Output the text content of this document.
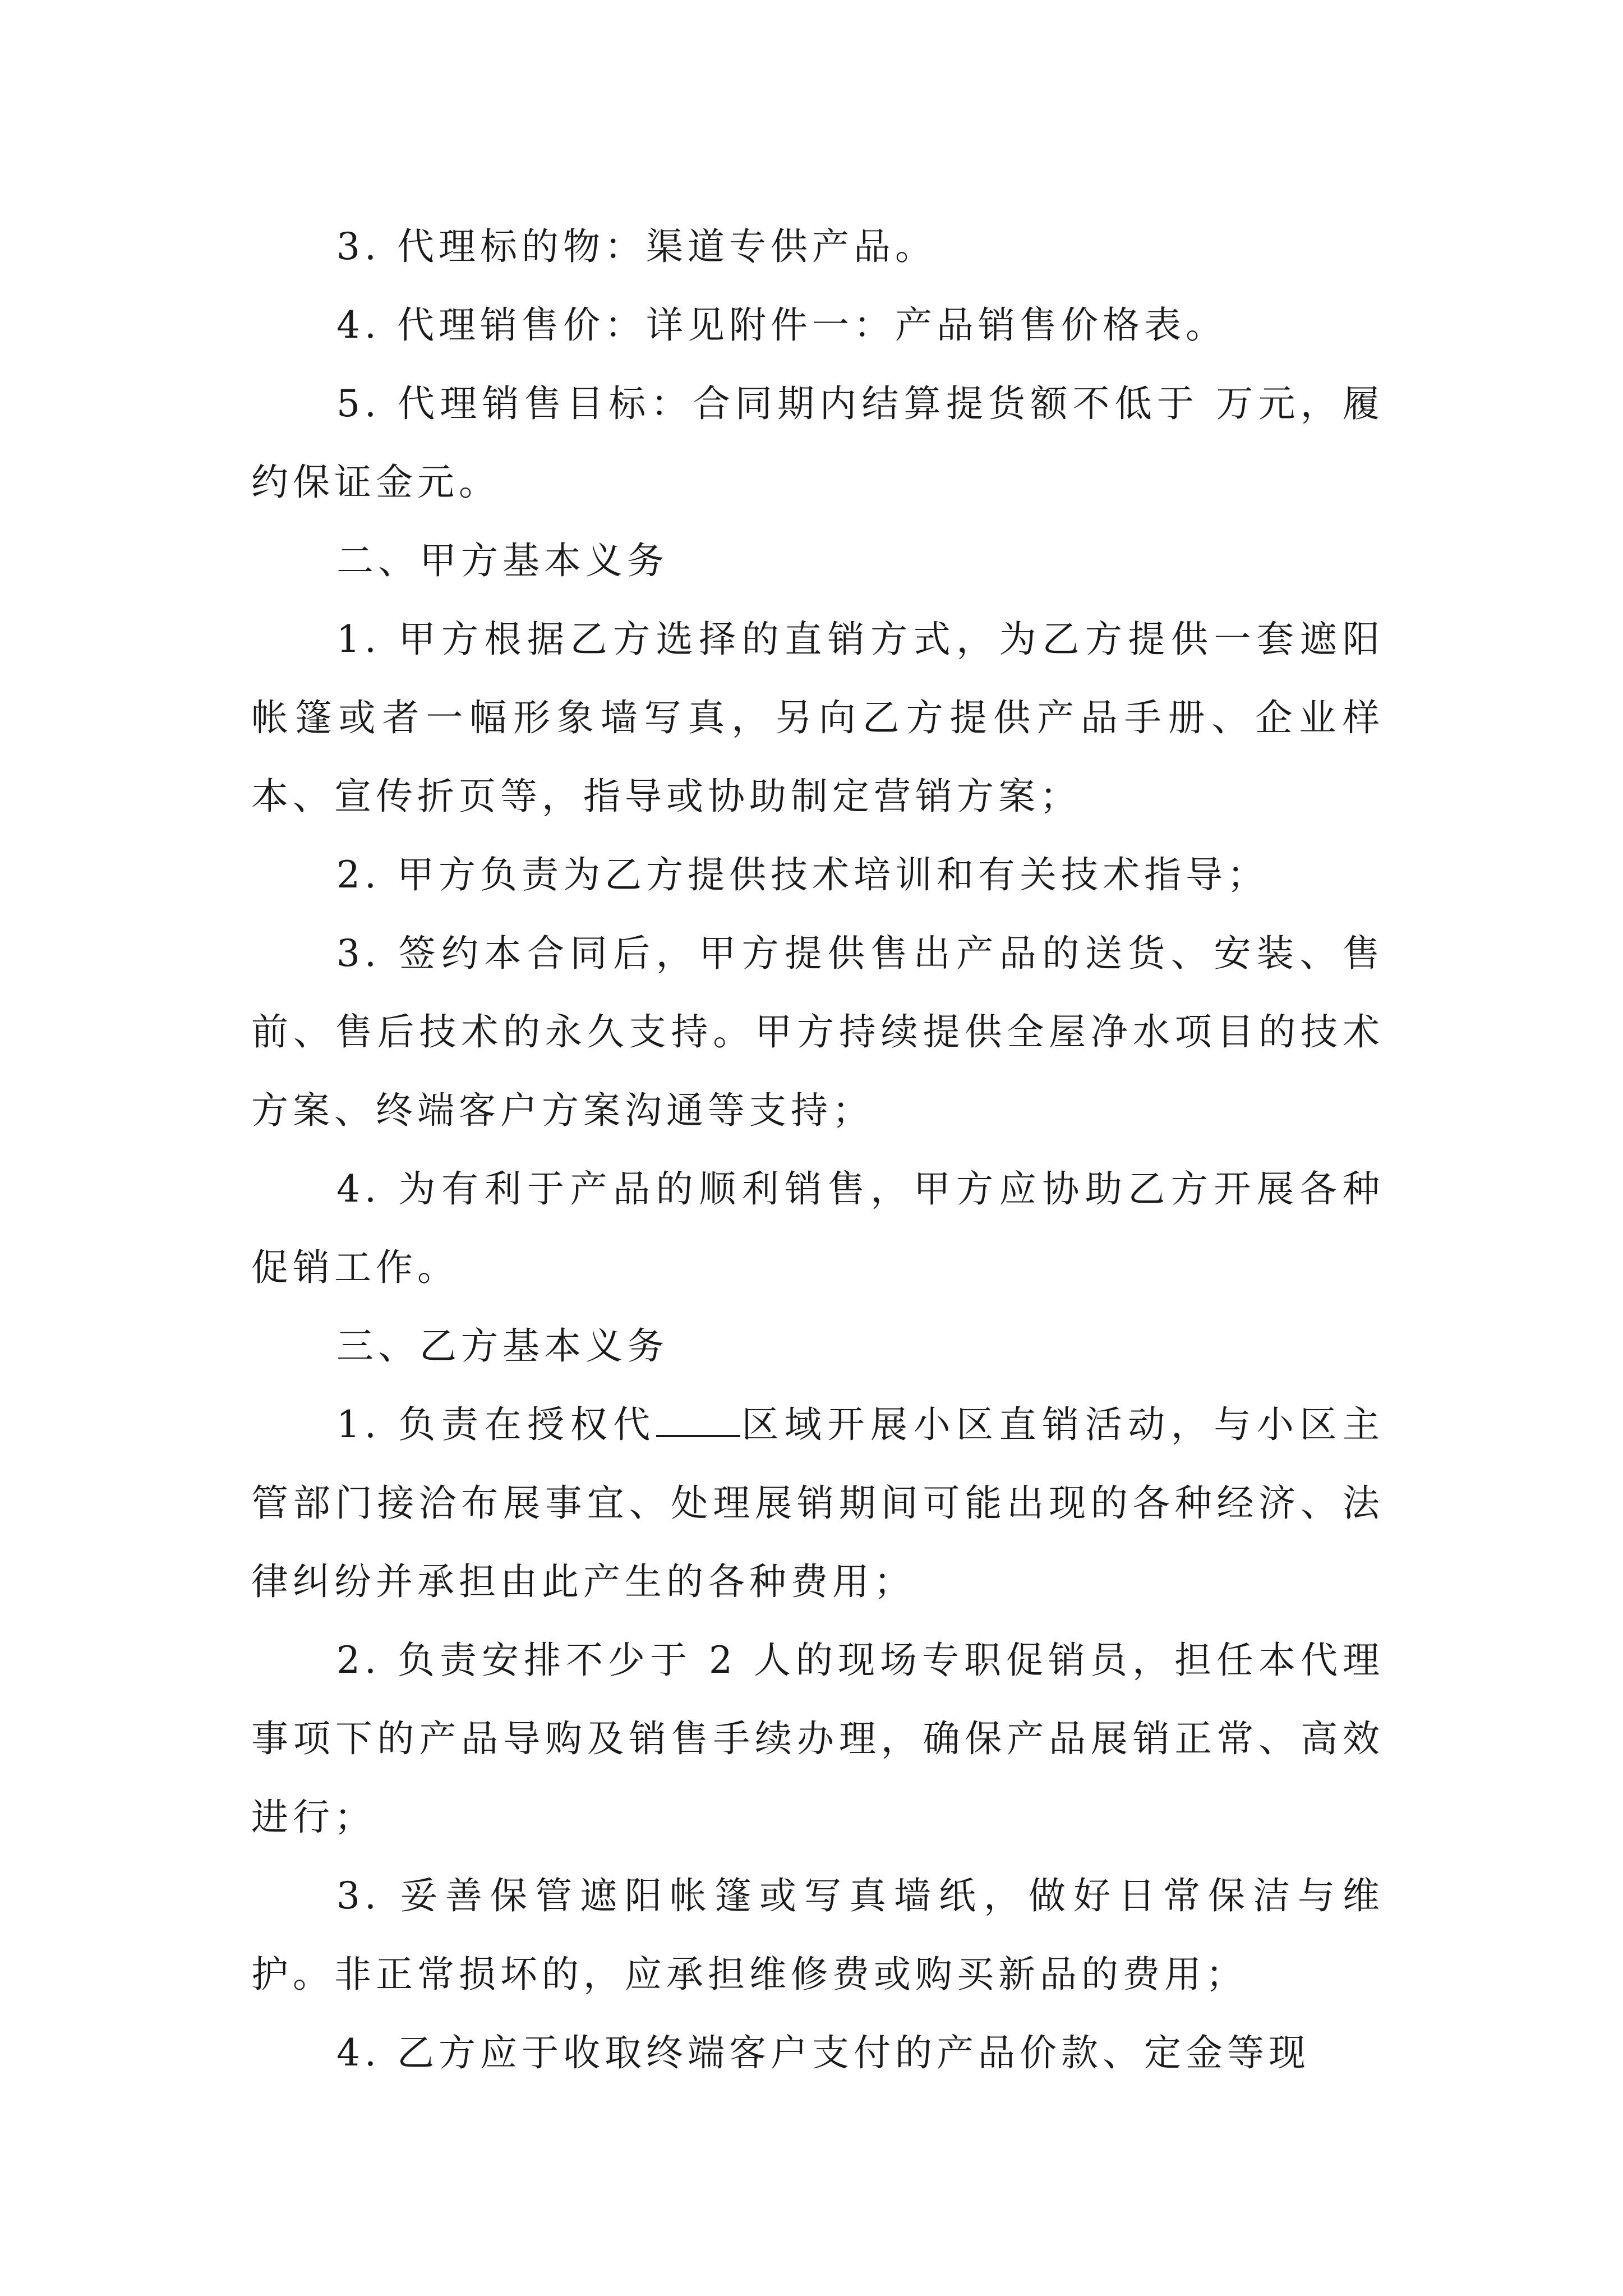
3. 代理标的物：渠道专供产品。

4. 代理销售价：详见附件一：产品销售价格表。

5. 代理销售目标：合同期内结算提货额不低于 万元，履约保证金元。

二、甲方基本义务

1. 甲方根据乙方选择的直销方式，为乙方提供一套遮阳帐篷或者一幅形象墙写真，另向乙方提供产品手册、企业样本、宣传折页等，指导或协助制定营销方案；

2. 甲方负责为乙方提供技术培训和有关技术指导；

3. 签约本合同后，甲方提供售出产品的送货、安装、售前、售后技术的永久支持。甲方持续提供全屋净水项目的技术方案、终端客户方案沟通等支持；

4. 为有利于产品的顺利销售，甲方应协助乙方开展各种促销工作。

三、乙方基本义务

1. 负责在授权代 区域开展小区直销活动，与小区主管部门接洽布展事宜、处理展销期间可能出现的各种经济、法律纠纷并承担由此产生的各种费用；

2. 负责安排不少于 2 人的现场专职促销员，担任本代理事项下的产品导购及销售手续办理，确保产品展销正常、高效进行；

3. 妥善保管遮阳帐篷或写真墙纸，做好日常保洁与维护。非正常损坏的，应承担维修费或购买新品的费用；

4. 乙方应于收取终端客户支付的产品价款、定金等现
